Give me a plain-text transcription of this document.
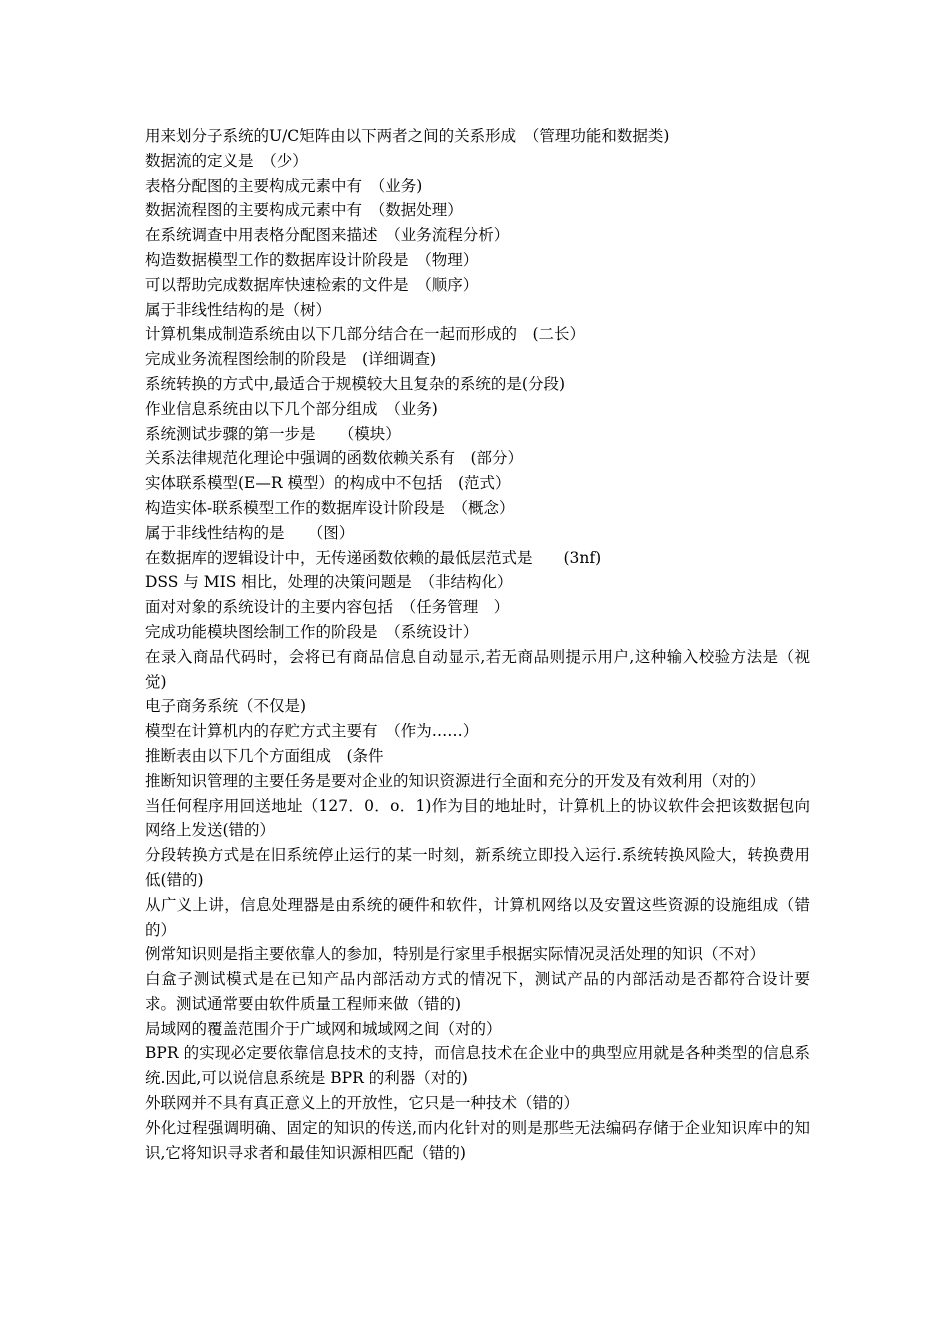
用来划分子系统的U/C矩阵由以下两者之间的关系形成　（管理功能和数据类)

数据流的定义是　（少）

表格分配图的主要构成元素中有　（业务)

数据流程图的主要构成元素中有　（数据处理）

在系统调查中用表格分配图来描述　（业务流程分析）

构造数据模型工作的数据库设计阶段是　（物理）

可以帮助完成数据库快速检索的文件是　（顺序）

属于非线性结构的是（树）

计算机集成制造系统由以下几部分结合在一起而形成的　(二长）

完成业务流程图绘制的阶段是　(详细调查)

系统转换的方式中,最适合于规模较大且复杂的系统的是(分段)

作业信息系统由以下几个部分组成　（业务)

系统测试步骤的第一步是　　（模块）

关系法律规范化理论中强调的函数依赖关系有　(部分）

实体联系模型(E—R 模型）的构成中不包括　(范式）

构造实体-联系模型工作的数据库设计阶段是　（概念）

属于非线性结构的是　　（图）

在数据库的逻辑设计中，无传递函数依赖的最低层范式是　　(3nf)

DSS 与 MIS 相比，处理的决策问题是　（非结构化）

面对对象的系统设计的主要内容包括　（任务管理　）

完成功能模块图绘制工作的阶段是　（系统设计）

在录入商品代码时，会将已有商品信息自动显示,若无商品则提示用户,这种输入校验方法是（视觉)

电子商务系统（不仅是)

模型在计算机内的存贮方式主要有　（作为……）

推断表由以下几个方面组成　(条件

推断知识管理的主要任务是要对企业的知识资源进行全面和充分的开发及有效利用（对的）

当任何程序用回送地址（127．0．o．1)作为目的地址时，计算机上的协议软件会把该数据包向网络上发送(错的）

分段转换方式是在旧系统停止运行的某一时刻，新系统立即投入运行.系统转换风险大，转换费用低(错的)

从广义上讲，信息处理器是由系统的硬件和软件，计算机网络以及安置这些资源的设施组成（错的）

例常知识则是指主要依靠人的参加，特别是行家里手根据实际情况灵活处理的知识（不对）

白盒子测试模式是在已知产品内部活动方式的情况下，测试产品的内部活动是否都符合设计要求。测试通常要由软件质量工程师来做（错的)

局域网的覆盖范围介于广域网和城域网之间（对的）

BPR 的实现必定要依靠信息技术的支持，而信息技术在企业中的典型应用就是各种类型的信息系统.因此,可以说信息系统是 BPR 的利器（对的)

外联网并不具有真正意义上的开放性，它只是一种技术（错的）

外化过程强调明确、固定的知识的传送,而内化针对的则是那些无法编码存储于企业知识库中的知识,它将知识寻求者和最佳知识源相匹配（错的)
